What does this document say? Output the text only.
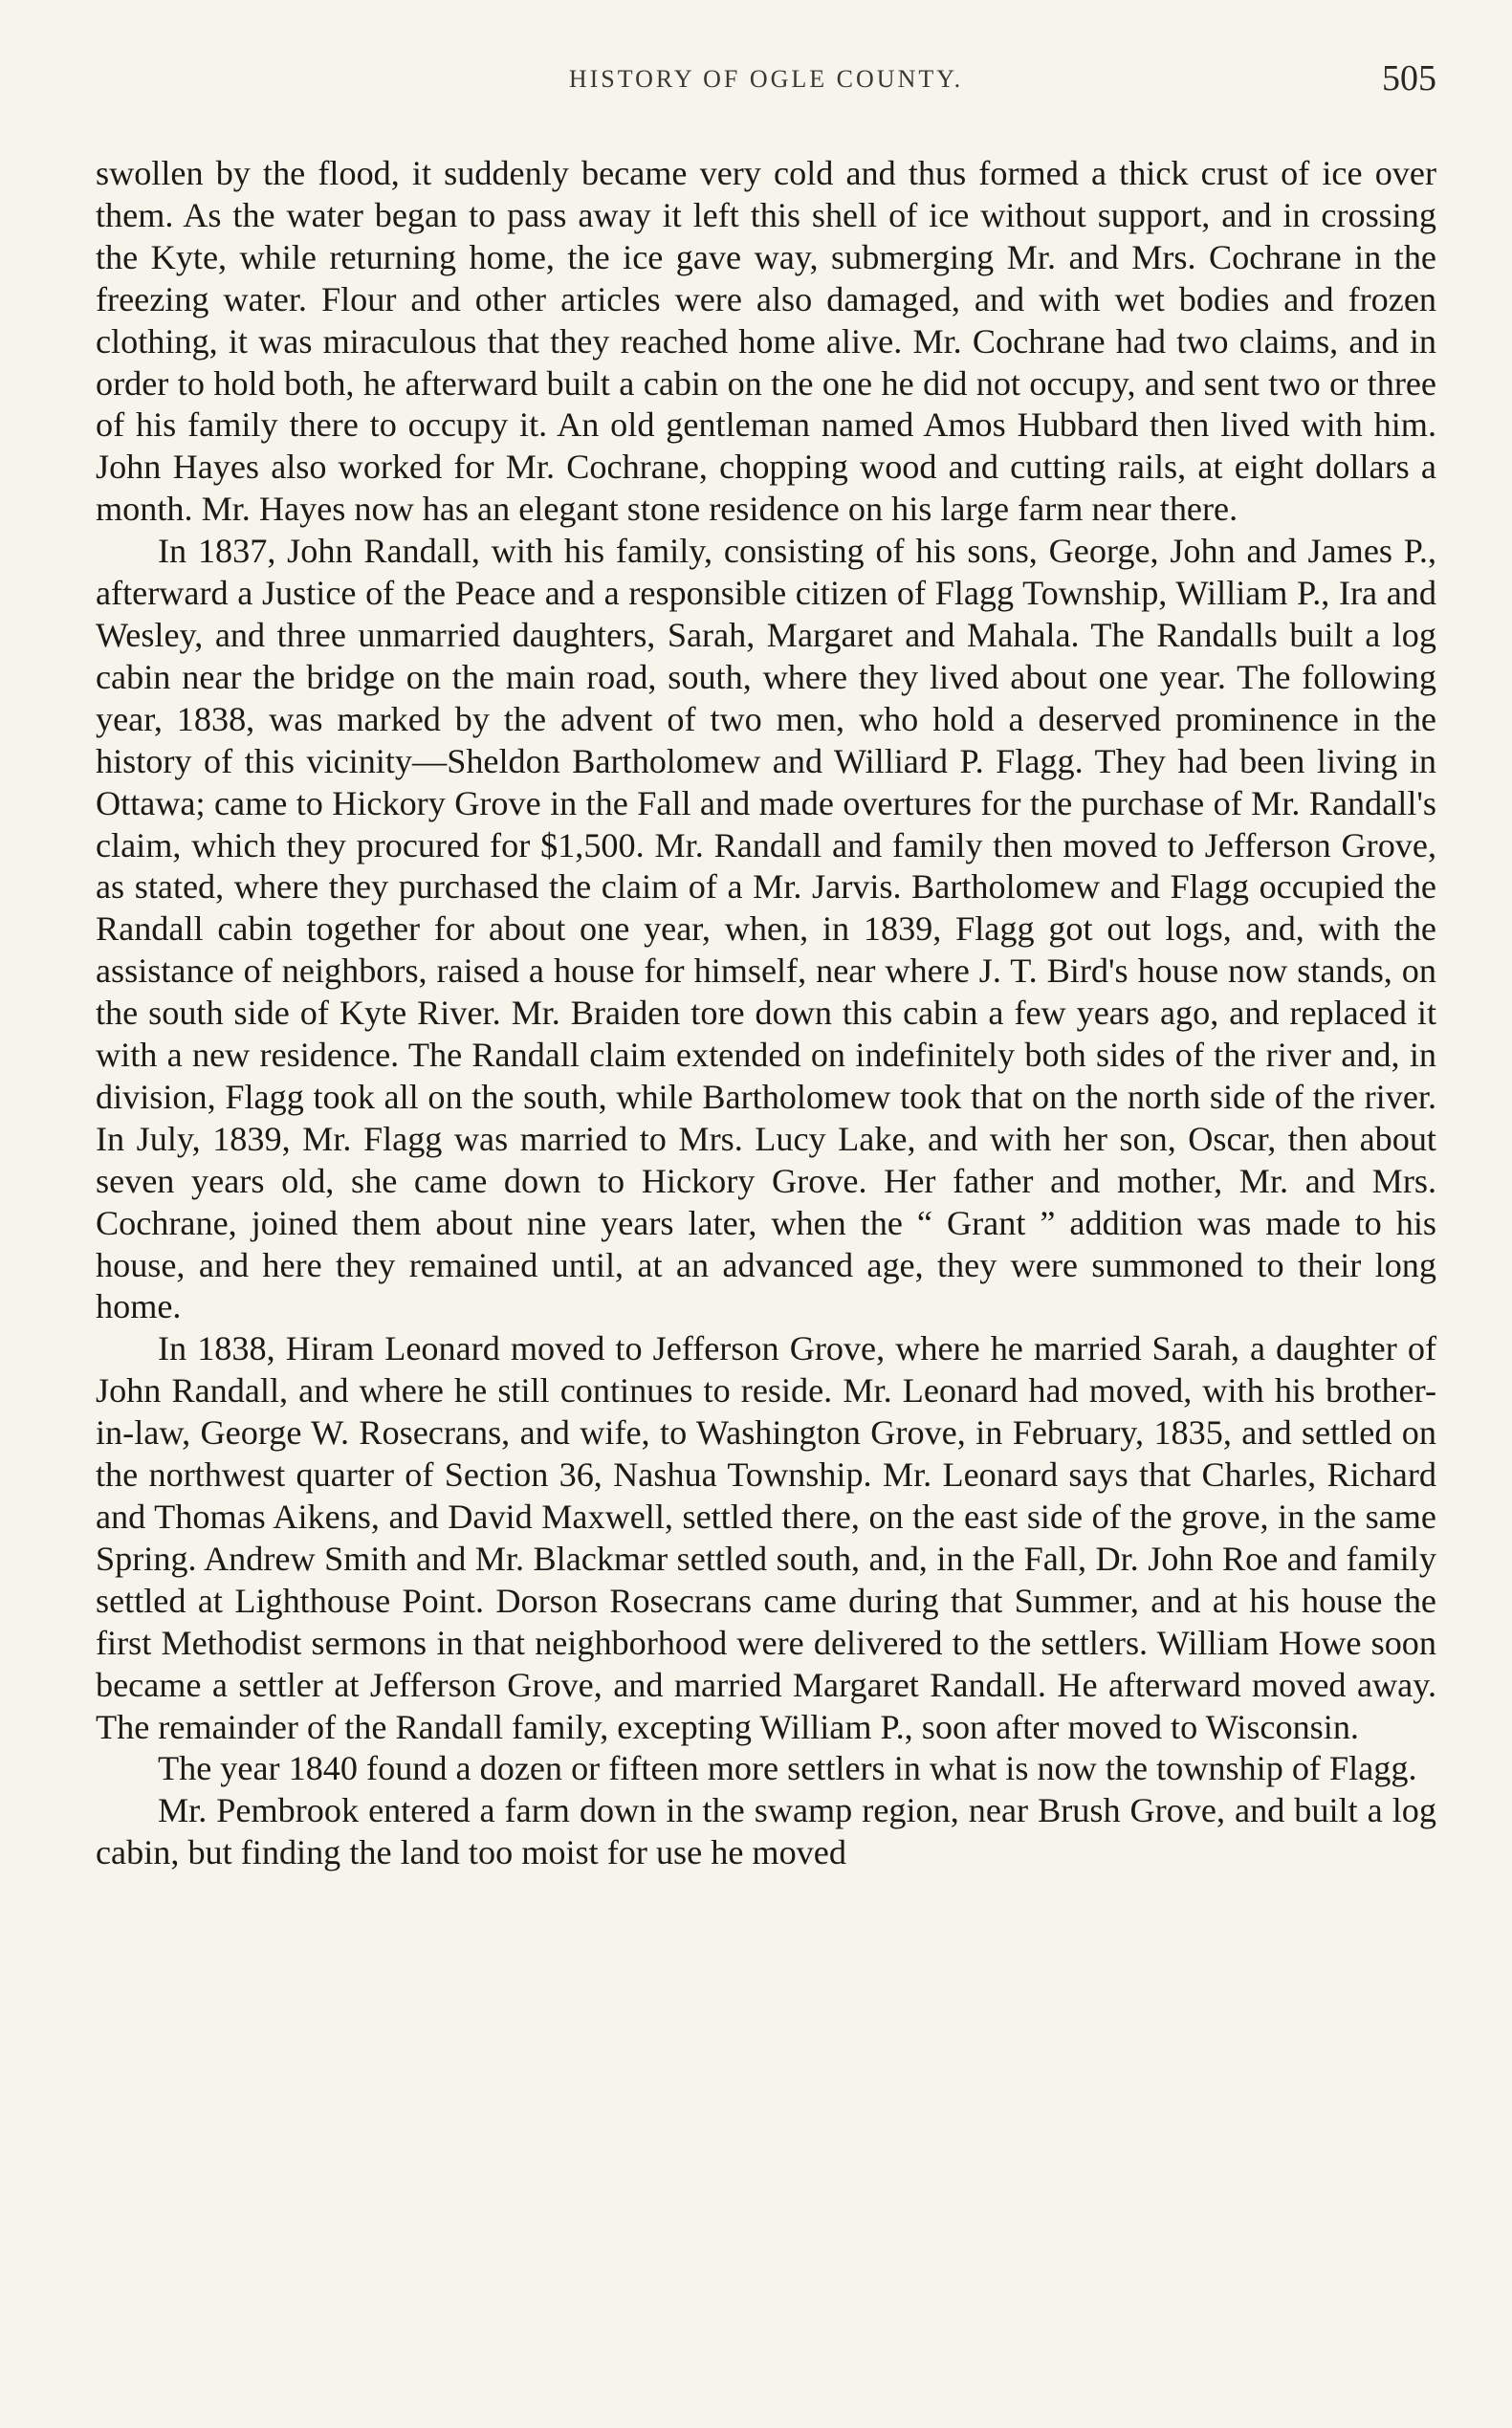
HISTORY OF OGLE COUNTY.	505

swollen by the flood, it suddenly became very cold and thus formed a thick crust of ice over them. As the water began to pass away it left this shell of ice without support, and in crossing the Kyte, while returning home, the ice gave way, submerging Mr. and Mrs. Cochrane in the freezing water. Flour and other articles were also damaged, and with wet bodies and frozen clothing, it was miraculous that they reached home alive. Mr. Cochrane had two claims, and in order to hold both, he afterward built a cabin on the one he did not occupy, and sent two or three of his family there to occupy it. An old gentleman named Amos Hubbard then lived with him. John Hayes also worked for Mr. Cochrane, chopping wood and cutting rails, at eight dollars a month. Mr. Hayes now has an elegant stone residence on his large farm near there.

In 1837, John Randall, with his family, consisting of his sons, George, John and James P., afterward a Justice of the Peace and a responsible citizen of Flagg Township, William P., Ira and Wesley, and three unmarried daughters, Sarah, Margaret and Mahala. The Randalls built a log cabin near the bridge on the main road, south, where they lived about one year. The following year, 1838, was marked by the advent of two men, who hold a deserved prominence in the history of this vicinity—Sheldon Bartholomew and Williard P. Flagg. They had been living in Ottawa; came to Hickory Grove in the Fall and made overtures for the purchase of Mr. Randall's claim, which they procured for $1,500. Mr. Randall and family then moved to Jefferson Grove, as stated, where they purchased the claim of a Mr. Jarvis. Bartholomew and Flagg occupied the Randall cabin together for about one year, when, in 1839, Flagg got out logs, and, with the assistance of neighbors, raised a house for himself, near where J. T. Bird's house now stands, on the south side of Kyte River. Mr. Braiden tore down this cabin a few years ago, and replaced it with a new residence. The Randall claim extended on indefinitely both sides of the river and, in division, Flagg took all on the south, while Bartholomew took that on the north side of the river. In July, 1839, Mr. Flagg was married to Mrs. Lucy Lake, and with her son, Oscar, then about seven years old, she came down to Hickory Grove. Her father and mother, Mr. and Mrs. Cochrane, joined them about nine years later, when the “ Grant ” addition was made to his house, and here they remained until, at an advanced age, they were summoned to their long home.

In 1838, Hiram Leonard moved to Jefferson Grove, where he married Sarah, a daughter of John Randall, and where he still continues to reside. Mr. Leonard had moved, with his brother-in-law, George W. Rosecrans, and wife, to Washington Grove, in February, 1835, and settled on the northwest quarter of Section 36, Nashua Township. Mr. Leonard says that Charles, Richard and Thomas Aikens, and David Maxwell, settled there, on the east side of the grove, in the same Spring. Andrew Smith and Mr. Blackmar settled south, and, in the Fall, Dr. John Roe and family settled at Lighthouse Point. Dorson Rosecrans came during that Summer, and at his house the first Methodist sermons in that neighborhood were delivered to the settlers. William Howe soon became a settler at Jefferson Grove, and married Margaret Randall. He afterward moved away. The remainder of the Randall family, excepting William P., soon after moved to Wisconsin.

The year 1840 found a dozen or fifteen more settlers in what is now the township of Flagg.

Mr. Pembrook entered a farm down in the swamp region, near Brush Grove, and built a log cabin, but finding the land too moist for use he moved
